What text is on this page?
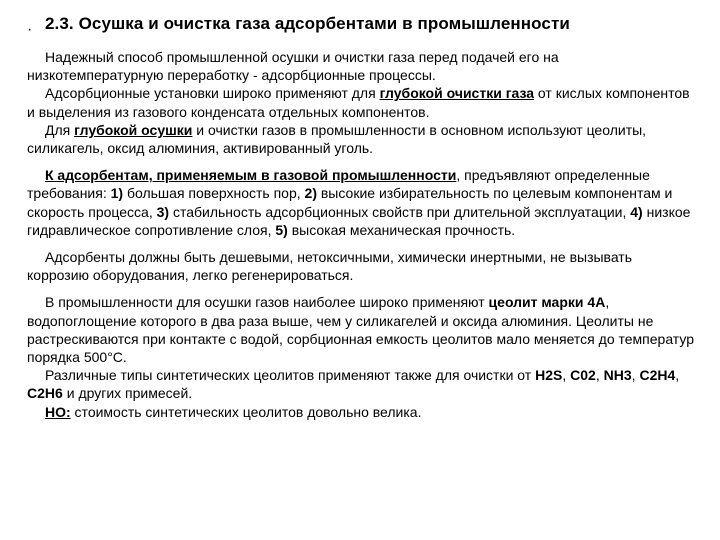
· 2.3. Осушка и очистка газа адсорбентами в промышленности

Надежный способ промышленной осушки и очистки газа перед подачей его на низкотемпературную переработку - адсорбционные процессы.

Адсорбционные установки широко применяют для глубокой очистки газа от кислых компонентов и выделения из газового конденсата отдельных компонентов.

Для глубокой осушки и очистки газов в промышленности в основном используют цеолиты, силикагель, оксид алюминия, активированный уголь.

К адсорбентам, применяемым в газовой промышленности, предъявляют определенные требования: 1) большая поверхность пор, 2) высокие избирательность по целевым компонентам и скорость процесса, 3) стабильность адсорбционных свойств при длительной эксплуатации, 4) низкое гидравлическое сопротивление слоя, 5) высокая механическая прочность.

Адсорбенты должны быть дешевыми, нетоксичными, химически инертными, не вызывать коррозию оборудования, легко регенерироваться.

В промышленности для осушки газов наиболее широко применяют цеолит марки 4А, водопоглощение которого в два раза выше, чем у силикагелей и оксида алюминия. Цеолиты не растрескиваются при контакте с водой, сорбционная емкость цеолитов мало меняется до температур порядка 500°С.

Различные типы синтетических цеолитов применяют также для очистки от H2S, C02, NH3, C2H4, C2H6 и других примесей.

НО: стоимость синтетических цеолитов довольно велика.
